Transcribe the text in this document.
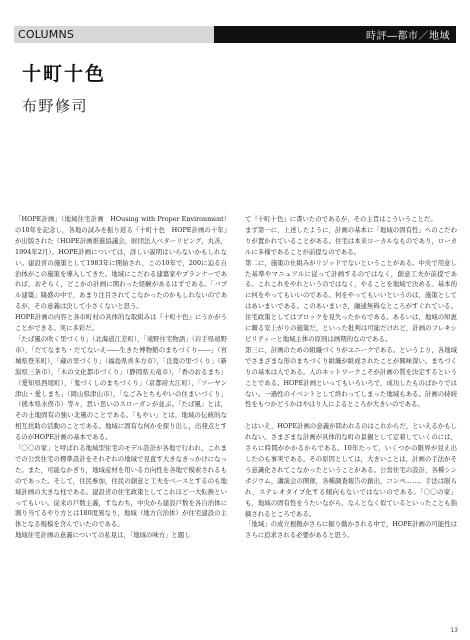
COLUMNS	時評―都市／地域
十町十色
布野修司

「HOPE計画」（地域住宅計画　HOusing with Proper Environment）の10年を記念し，各地の試みを振り返る『十町十色　HOPE計画の十年』が出版された（HOPE計画推進協議会，財団法人ベターリビング，丸善，1994年2月）。HOPE計画については，詳しい説明はいらないかもしれない。建設省の施策として1983年に開始され，この10年で，200に迫る自治体がこの施策を導入してきた。地域にこだわる建築家やプランナーであれば，おそらく，どこかの計画に関わった経験があるはずである。「バブル建築」隆盛の中で，あまり注目されてこなかったのかもしれないのであるが，その意義は決して小さくないと思う。

HOPE計画の内容と各市町村の具体的な取組みは『十町十色』にうかがうことができる。実に多彩だ。

「たば風の吹く里づくり」（北海道江差町），「遠野住宅物語」（岩手県遠野市），「だてなまち・だてないえ――生きた博物館のまちづくり――」（宮城県登米町），「蔵の里づくり」（福島県喜多方市），「良寛の里づくり」（新潟県三条市），「木の文化都市づくり」（静岡県天竜市），「香のおるまち」（愛知県西尾町），「鬼づくしのまちづくり」（京都府大江町），「ソーヤン津山・愛しまち」（岡山県津山市），「なごみとちもやいの住まいづくり」（熊本県水俣市）等々，思い思いのスローガンが並ぶ。「たば風」とは，その土地固有の強い北風のことである。「もやい」とは，地域の伝統的な相互扶助の活動のことである。地域に固有な何かを探り出し，出発点とするのがHOPE計画の基本である。

「〇〇の家」と呼ばれる地域型住宅のモデル設計が各地で行われ，これまでの公営住宅の標準設計をそれぞれの地域で見直す大きなきっかけになった。また，可能なかぎり，地域産材を用いる方向性を各地で模索されるものであった。そして，住民参加，住民の創意と工夫をベースとするのも地域計画の大きな柱である。建設省の住宅政策としてこれほど一大転換といってもいい。従来の戸数主義，すなわち，中央から建設戸数を各自治体に割り当てるやり方とは180度異なり，地域（地方自治体）が住宅建設の主体となる規模を含んでいたのである。

地域住宅計画の意義についての私見は，「地域の味方」と題し

て『十町十色』に書いたのであるが，その主旨はこういうことだ。

まず第一に，上述したように，計画の基本に「地域の固有性」へのこだわりが置かれていることがある。住宅は本来ローカルなものであり，ローカルに多様であることが前提なのである。

第二に，施策の仕組みがリジッドでないということがある。中央で用意した基準やマニュアルに従って計画するのではなく，創意工夫が前提である。これこれをやれというのではなく，やることを地域で決める。基本的に何をやってもいいのである。何をやってもいいというのは，施策としてはあいまいである。このあいまいさ，融通無碍なところがすぐれている。住宅政策としてはブロックを見失ったからである。あるいは，地域の知恵に頼る安上がりの施策だ，といった批判は可能だけれど，計画のフレキシビリティーと地域主体の原則は画期的なのである。

第三に，計画のための組織づくりがユニークである。というより，各地域でさまざまな形のまちづくり組織が組成されたことが興味深い。まちづくりの基本は人である。人のネットワークこそが計画の質を決定するということである。HOPE計画といってもいろいろで，成功したものばかりではない。一過性のイベントとして終わってしまった地域もある。計画の持続性をもつかどうかはやはり人によるところが大きいのである。

とはいえ，HOPE計画の意義が問われるのはこれからだ，といえるかもしれない。さまざまな計画が具体的な町の景観として定着していくのには，さらに時間がかかるからである。10年たって，いくつかの限界が見え出したのも事実である。その原因としては，大きいことは，計画の手法がそう意識化されてこなかったということがある。公営住宅の設計，各種シンポジウム，講演会の開催，各種調査報告の創出，コンペ……。手法は限られ，ステレオタイプ化する傾向もないではないのである。「〇〇の家」も，地域の固有性をうたいながら，なんとなく似ているといったことも指摘されるところである。

「地域」の成立根拠がさらに掘り動かされる中で，HOPE計画の可能性はさらに追求される必要があると思う。

13
